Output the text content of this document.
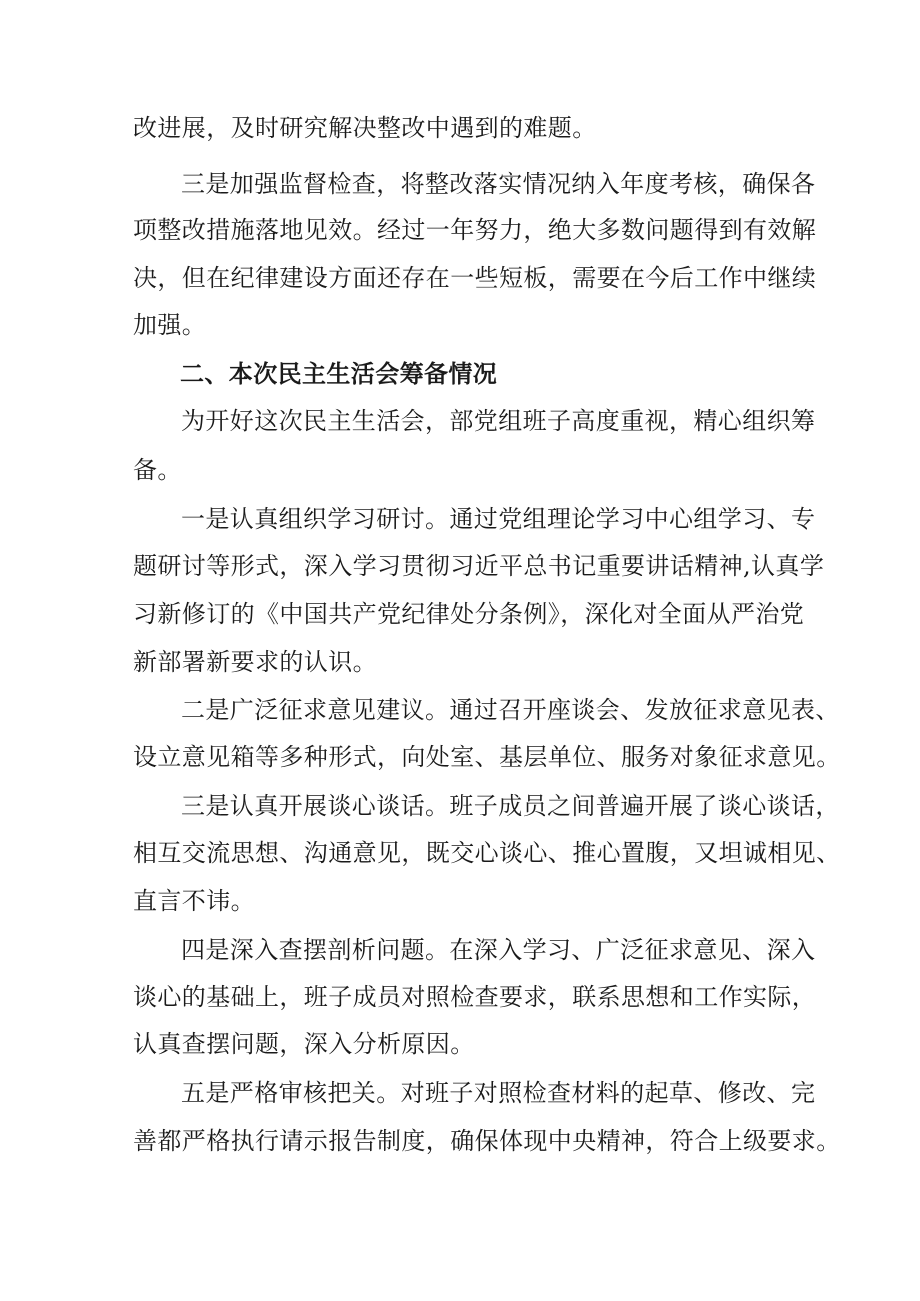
改进展，及时研究解决整改中遇到的难题。
三是加强监督检查，将整改落实情况纳入年度考核，确保各
项整改措施落地见效。经过一年努力，绝大多数问题得到有效解
决，但在纪律建设方面还存在一些短板，需要在今后工作中继续
加强。
二、本次民主生活会筹备情况
为开好这次民主生活会，部党组班子高度重视，精心组织筹
备。
一是认真组织学习研讨。通过党组理论学习中心组学习、专
题研讨等形式，深入学习贯彻习近平总书记重要讲话精神,认真学
习新修订的《中国共产党纪律处分条例》，深化对全面从严治党
新部署新要求的认识。
二是广泛征求意见建议。通过召开座谈会、发放征求意见表、
设立意见箱等多种形式，向处室、基层单位、服务对象征求意见。
三是认真开展谈心谈话。班子成员之间普遍开展了谈心谈话，
相互交流思想、沟通意见，既交心谈心、推心置腹，又坦诚相见、
直言不讳。
四是深入查摆剖析问题。在深入学习、广泛征求意见、深入
谈心的基础上，班子成员对照检查要求，联系思想和工作实际，
认真查摆问题，深入分析原因。
五是严格审核把关。对班子对照检查材料的起草、修改、完
善都严格执行请示报告制度，确保体现中央精神，符合上级要求。
